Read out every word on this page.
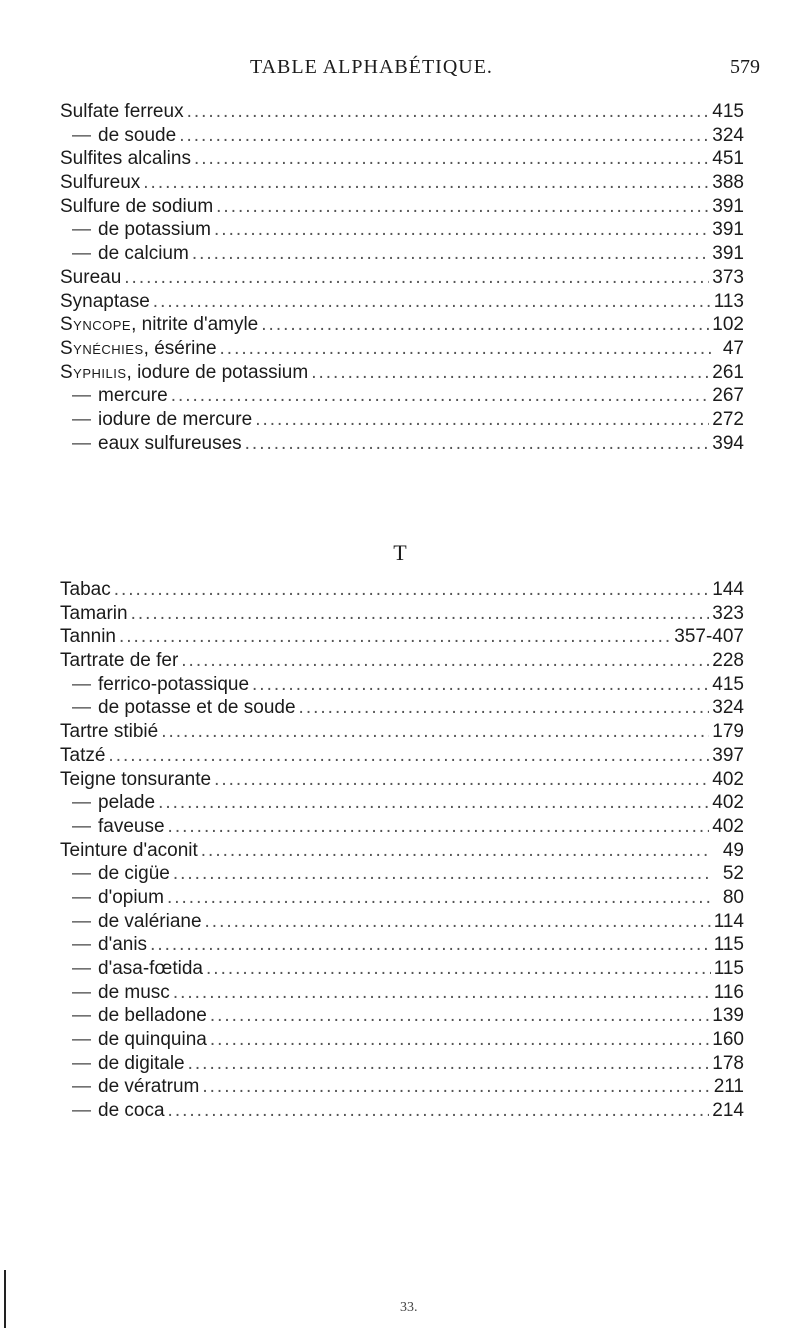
TABLE ALPHABÉTIQUE.	579
Sulfate ferreux .....	415
— de soude .....	324
Sulfites alcalins .....	451
Sulfureux .....	388
Sulfure de sodium .....	391
— de potassium .....	391
— de calcium .....	391
Sureau .....	373
Synaptase .....	113
Syncope, nitrite d'amyle .....	102
Synéchies, ésérine .....	47
Syphilis, iodure de potassium .....	261
— mercure .....	267
— iodure de mercure .....	272
— eaux sulfureuses .....	394
T
Tabac .....	144
Tamarin .....	323
Tannin .....	357-407
Tartrate de fer .....	228
— ferrico-potassique .....	415
— de potasse et de soude .....	324
Tartre stibié .....	179
Tatzé .....	397
Teigne tonsurante .....	402
— pelade .....	402
— faveuse .....	402
Teinture d'aconit .....	49
— de cigüe .....	52
— d'opium .....	80
— de valériane .....	114
— d'anis .....	115
— d'asa-fœtida .....	115
— de musc .....	116
— de belladone .....	139
— de quinquina .....	160
— de digitale .....	178
— de vératrum .....	211
— de coca .....	214
33.
